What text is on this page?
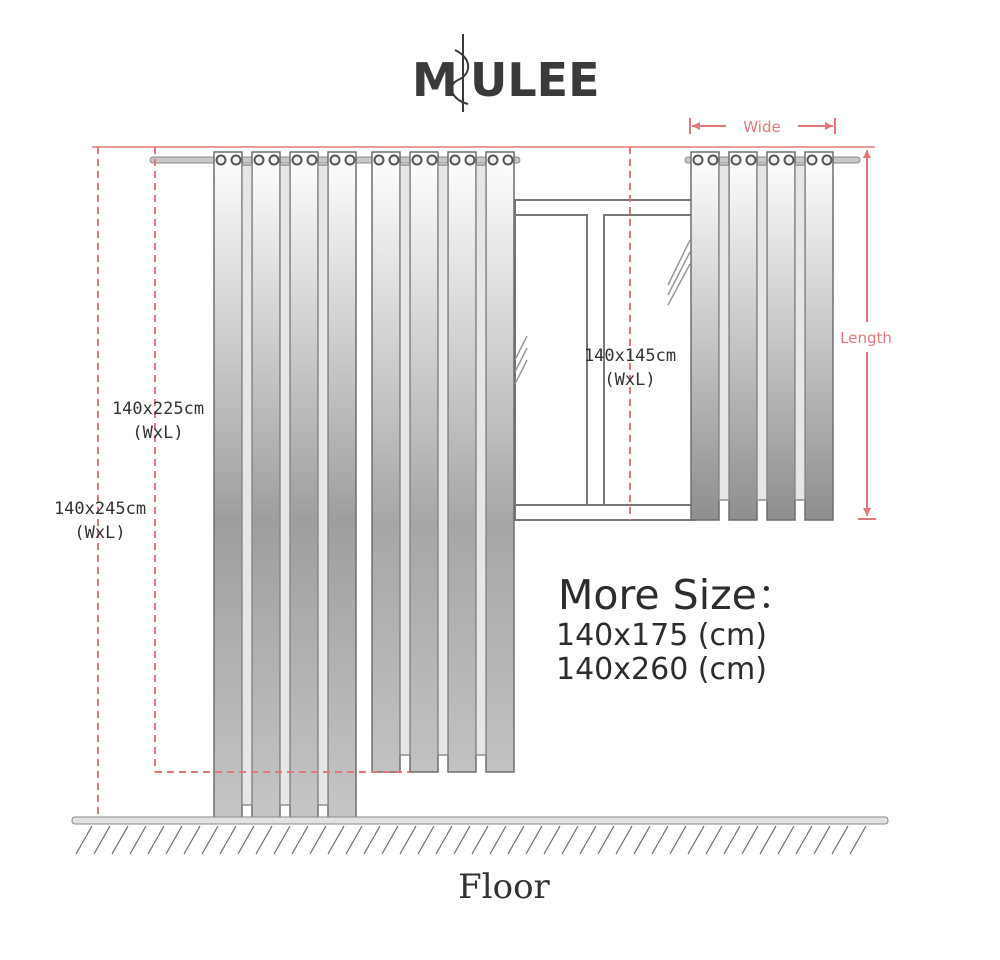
M ULEE
Wide
Length
140x145cm
(WxL)
140x225cm
(WxL)
140x245cm
(WxL)
More Size：
140x175 (cm)
140x260 (cm)
Floor
